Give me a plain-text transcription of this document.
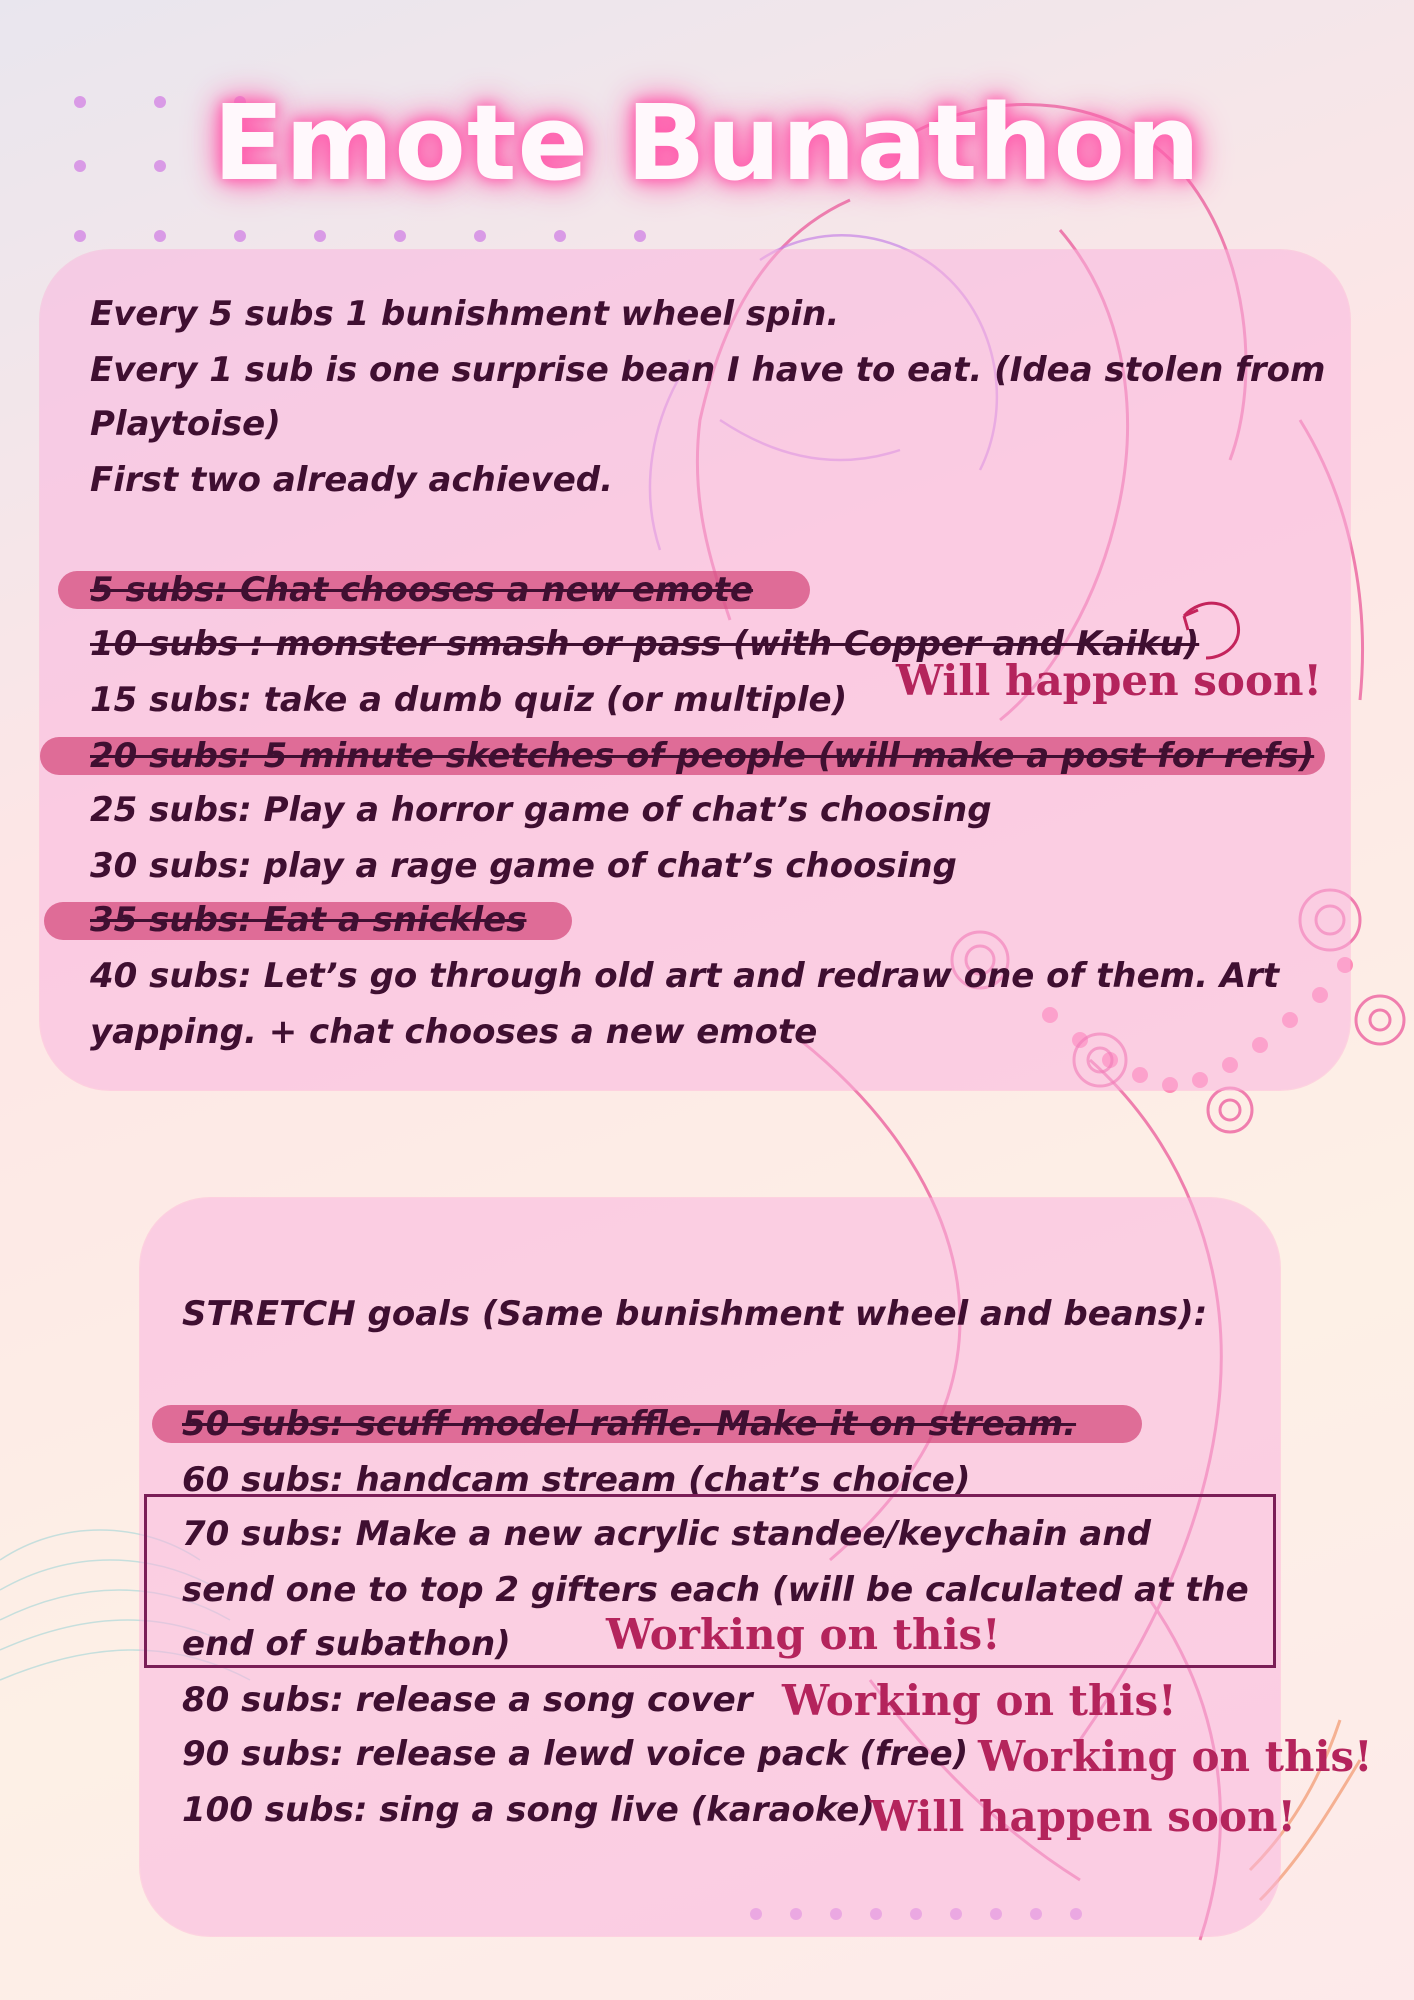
Emote Bunathon
Every 5 subs 1 bunishment wheel spin.
Every 1 sub is one surprise bean I have to eat. (Idea stolen from
Playtoise)
First two already achieved.
5 subs: Chat chooses a new emote
10 subs : monster smash or pass (with Copper and Kaiku)
15 subs: take a dumb quiz (or multiple)
20 subs: 5 minute sketches of people (will make a post for refs)
25 subs: Play a horror game of chat’s choosing
30 subs: play a rage game of chat’s choosing
35 subs: Eat a snickles
40 subs: Let’s go through old art and redraw one of them. Art
yapping. + chat chooses a new emote
Will happen soon!
STRETCH goals (Same bunishment wheel and beans):
50 subs: scuff model raffle. Make it on stream.
60 subs: handcam stream (chat’s choice)
70 subs: Make a new acrylic standee/keychain and
send one to top 2 gifters each (will be calculated at the
end of subathon) Working on this!
80 subs: release a song cover Working on this!
90 subs: release a lewd voice pack (free) Working on this!
100 subs: sing a song live (karaoke)
Will happen soon!
